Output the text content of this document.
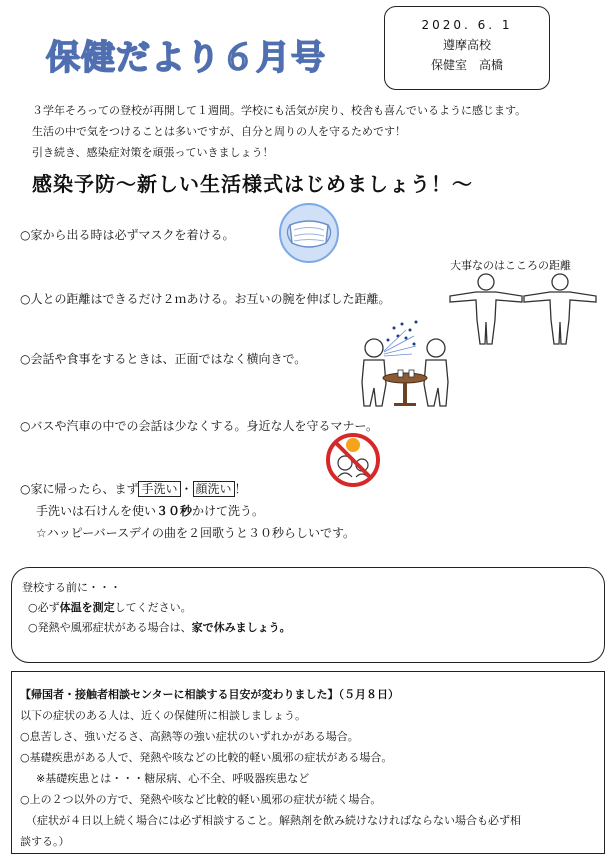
保健だより６月号
2020. 6. 1
遵摩高校
保健室　高橋
３学年そろっての登校が再開して１週間。学校にも活気が戻り、校舎も喜んでいるように感じます。
生活の中で気をつけることは多いですが、自分と周りの人を守るためです！
引き続き、感染症対策を頑張っていきましょう！
感染予防〜新しい生活様式はじめましょう！〜
○家から出る時は必ずマスクを着ける。
○人との距離はできるだけ２ｍあける。お互いの腕を伸ばした距離。
○会話や食事をするときは、正面ではなく横向きで。
○バスや汽車の中での会話は少なくする。身近な人を守るマナー。
○家に帰ったら、まず 手洗い ・ 顔洗い ！
手洗いは石けんを使い３０秒かけて洗う。
☆ハッピーバースデイの曲を２回歌うと３０秒らしいです。
大事なのはこころの距離
登校する前に・・・
○必ず体温を測定してください。
○発熱や風邪症状がある場合は、家で休みましょう。
【帰国者・接触者相談センターに相談する目安が変わりました】（５月８日）
以下の症状のある人は、近くの保健所に相談しましょう。
○息苦しさ、強いだるさ、高熱等の強い症状のいずれかがある場合。
○基礎疾患がある人で、発熱や咳などの比較的軽い風邪の症状がある場合。
※基礎疾患とは・・・糖尿病、心不全、呼吸器疾患など
○上の２つ以外の方で、発熱や咳など比較的軽い風邪の症状が続く場合。
（症状が４日以上続く場合には必ず相談すること。解熱剤を飲み続けなければならない場合も必ず相
談する。）
